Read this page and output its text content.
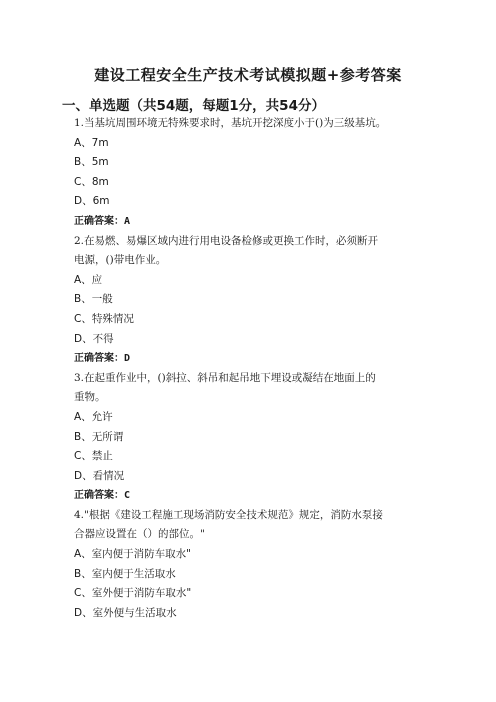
建设工程安全生产技术考试模拟题+参考答案
一、单选题（共54题，每题1分，共54分）
1.当基坑周围环境无特殊要求时，基坑开挖深度小于()为三级基坑。
A、7m
B、5m
C、8m
D、6m
正确答案：A
2.在易燃、易爆区域内进行用电设备检修或更换工作时，必须断开
电源，()带电作业。
A、应
B、一般
C、特殊情况
D、不得
正确答案：D
3.在起重作业中，()斜拉、斜吊和起吊地下埋设或凝结在地面上的
重物。
A、允许
B、无所谓
C、禁止
D、看情况
正确答案：C
4."根据《建设工程施工现场消防安全技术规范》规定，消防水泵接
合器应设置在（）的部位。"
A、室内便于消防车取水"
B、室内便于生活取水
C、室外便于消防车取水"
D、室外便与生活取水
